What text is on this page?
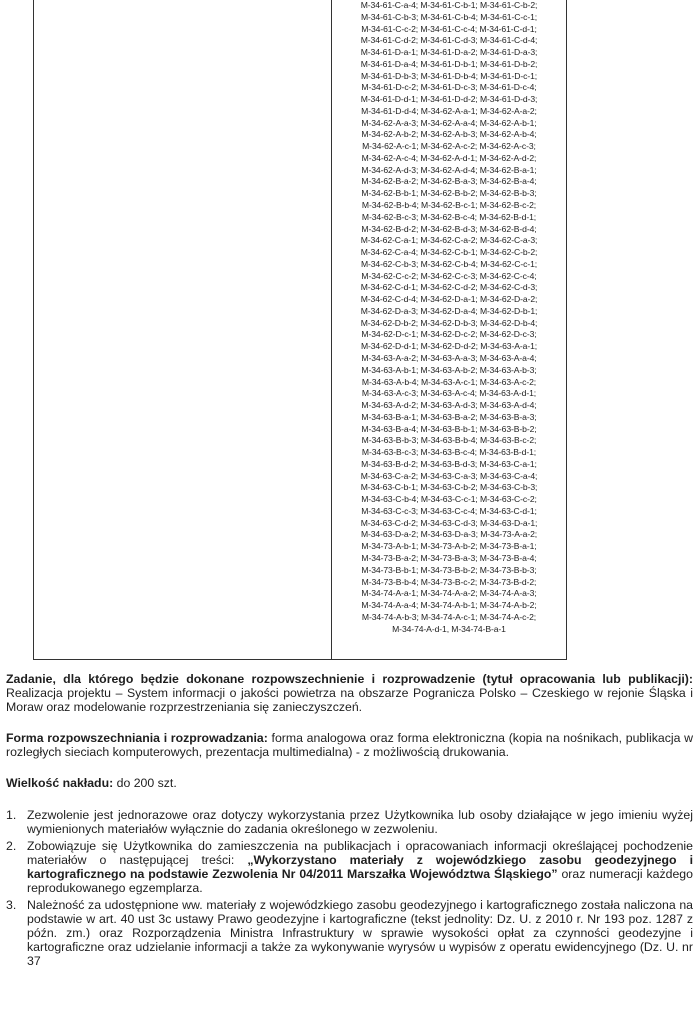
M-34-61-C-a-4; M-34-61-C-b-1; M-34-61-C-b-2;
M-34-61-C-b-3; M-34-61-C-b-4; M-34-61-C-c-1;
M-34-61-C-c-2; M-34-61-C-c-4; M-34-61-C-d-1;
M-34-61-C-d-2; M-34-61-C-d-3; M-34-61-C-d-4;
M-34-61-D-a-1; M-34-61-D-a-2; M-34-61-D-a-3;
M-34-61-D-a-4; M-34-61-D-b-1; M-34-61-D-b-2;
M-34-61-D-b-3; M-34-61-D-b-4; M-34-61-D-c-1;
M-34-61-D-c-2; M-34-61-D-c-3; M-34-61-D-c-4;
M-34-61-D-d-1; M-34-61-D-d-2; M-34-61-D-d-3;
M-34-61-D-d-4; M-34-62-A-a-1; M-34-62-A-a-2;
M-34-62-A-a-3; M-34-62-A-a-4; M-34-62-A-b-1;
M-34-62-A-b-2; M-34-62-A-b-3; M-34-62-A-b-4;
M-34-62-A-c-1; M-34-62-A-c-2; M-34-62-A-c-3;
M-34-62-A-c-4; M-34-62-A-d-1; M-34-62-A-d-2;
M-34-62-A-d-3; M-34-62-A-d-4; M-34-62-B-a-1;
M-34-62-B-a-2; M-34-62-B-a-3; M-34-62-B-a-4;
M-34-62-B-b-1; M-34-62-B-b-2; M-34-62-B-b-3;
M-34-62-B-b-4; M-34-62-B-c-1; M-34-62-B-c-2;
M-34-62-B-c-3; M-34-62-B-c-4; M-34-62-B-d-1;
M-34-62-B-d-2; M-34-62-B-d-3; M-34-62-B-d-4;
M-34-62-C-a-1; M-34-62-C-a-2; M-34-62-C-a-3;
M-34-62-C-a-4; M-34-62-C-b-1; M-34-62-C-b-2;
M-34-62-C-b-3; M-34-62-C-b-4; M-34-62-C-c-1;
M-34-62-C-c-2; M-34-62-C-c-3; M-34-62-C-c-4;
M-34-62-C-d-1; M-34-62-C-d-2; M-34-62-C-d-3;
M-34-62-C-d-4; M-34-62-D-a-1; M-34-62-D-a-2;
M-34-62-D-a-3; M-34-62-D-a-4; M-34-62-D-b-1;
M-34-62-D-b-2; M-34-62-D-b-3; M-34-62-D-b-4;
M-34-62-D-c-1; M-34-62-D-c-2; M-34-62-D-c-3;
M-34-62-D-d-1; M-34-62-D-d-2; M-34-63-A-a-1;
M-34-63-A-a-2; M-34-63-A-a-3; M-34-63-A-a-4;
M-34-63-A-b-1; M-34-63-A-b-2; M-34-63-A-b-3;
M-34-63-A-b-4; M-34-63-A-c-1; M-34-63-A-c-2;
M-34-63-A-c-3; M-34-63-A-c-4; M-34-63-A-d-1;
M-34-63-A-d-2; M-34-63-A-d-3; M-34-63-A-d-4;
M-34-63-B-a-1; M-34-63-B-a-2; M-34-63-B-a-3;
M-34-63-B-a-4; M-34-63-B-b-1; M-34-63-B-b-2;
M-34-63-B-b-3; M-34-63-B-b-4; M-34-63-B-c-2;
M-34-63-B-c-3; M-34-63-B-c-4; M-34-63-B-d-1;
M-34-63-B-d-2; M-34-63-B-d-3; M-34-63-C-a-1;
M-34-63-C-a-2; M-34-63-C-a-3; M-34-63-C-a-4;
M-34-63-C-b-1; M-34-63-C-b-2; M-34-63-C-b-3;
M-34-63-C-b-4; M-34-63-C-c-1; M-34-63-C-c-2;
M-34-63-C-c-3; M-34-63-C-c-4; M-34-63-C-d-1;
M-34-63-C-d-2; M-34-63-C-d-3; M-34-63-D-a-1;
M-34-63-D-a-2; M-34-63-D-a-3; M-34-73-A-a-2;
M-34-73-A-b-1; M-34-73-A-b-2; M-34-73-B-a-1;
M-34-73-B-a-2; M-34-73-B-a-3; M-34-73-B-a-4;
M-34-73-B-b-1; M-34-73-B-b-2; M-34-73-B-b-3;
M-34-73-B-b-4; M-34-73-B-c-2; M-34-73-B-d-2;
M-34-74-A-a-1; M-34-74-A-a-2; M-34-74-A-a-3;
M-34-74-A-a-4; M-34-74-A-b-1; M-34-74-A-b-2;
M-34-74-A-b-3; M-34-74-A-c-1; M-34-74-A-c-2;
M-34-74-A-d-1, M-34-74-B-a-1

Zadanie, dla którego będzie dokonane rozpowszechnienie i rozprowadzenie (tytuł opracowania lub publikacji): Realizacja projektu – System informacji o jakości powietrza na obszarze Pogranicza Polsko – Czeskiego w rejonie Śląska i Moraw oraz modelowanie rozprzestrzeniania się zanieczyszczeń.

Forma rozpowszechniania i rozprowadzania: forma analogowa oraz forma elektroniczna (kopia na nośnikach, publikacja w rozległych sieciach komputerowych, prezentacja multimedialna) - z możliwością drukowania.

Wielkość nakładu: do 200 szt.

1. Zezwolenie jest jednorazowe oraz dotyczy wykorzystania przez Użytkownika lub osoby działające w jego imieniu wyżej wymienionych materiałów wyłącznie do zadania określonego w zezwoleniu.
2. Zobowiązuje się Użytkownika do zamieszczenia na publikacjach i opracowaniach informacji określającej pochodzenie materiałów o następującej treści: „Wykorzystano materiały z wojewódzkiego zasobu geodezyjnego i kartograficznego na podstawie Zezwolenia Nr 04/2011 Marszałka Województwa Śląskiego” oraz numeracji każdego reprodukowanego egzemplarza.
3. Należność za udostępnione ww. materiały z wojewódzkiego zasobu geodezyjnego i kartograficznego została naliczona na podstawie w art. 40 ust 3c ustawy Prawo geodezyjne i kartograficzne (tekst jednolity: Dz. U. z 2010 r. Nr 193 poz. 1287 z późn. zm.) oraz Rozporządzenia Ministra Infrastruktury w sprawie wysokości opłat za czynności geodezyjne i kartograficzne oraz udzielanie informacji a także za wykonywanie wyrysów u wypisów z operatu ewidencyjnego (Dz. U. nr 37
